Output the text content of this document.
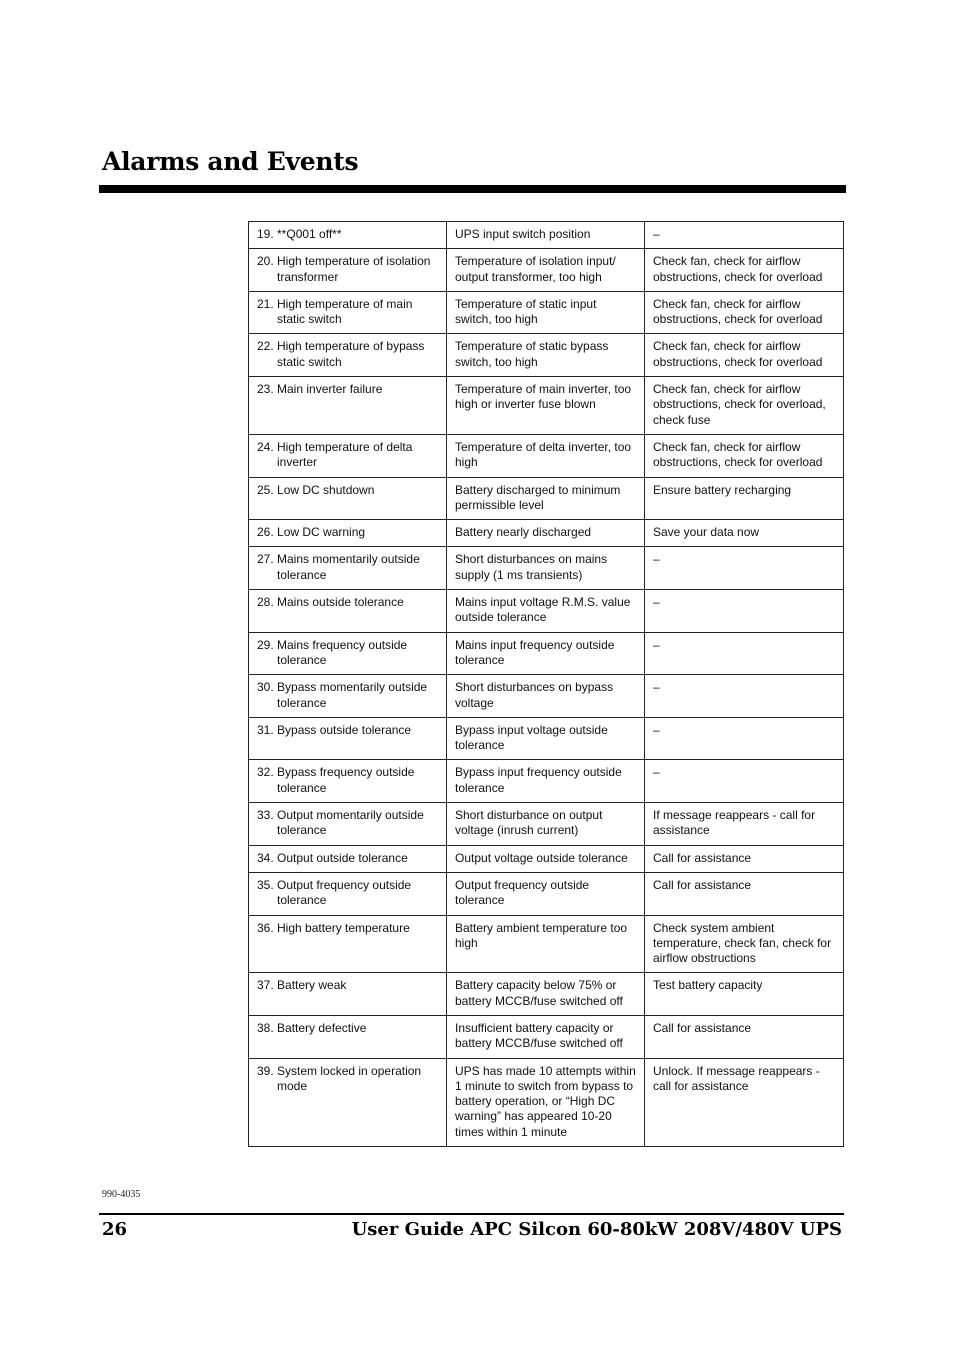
Alarms and Events
19. **Q001 off**	UPS input switch position	–

20. High temperature of isolation transformer	Temperature of isolation input/ output transformer, too high	Check fan, check for airflow obstructions, check for overload

21. High temperature of main static switch	Temperature of static input switch, too high	Check fan, check for airflow obstructions, check for overload

22. High temperature of bypass static switch	Temperature of static bypass switch, too high	Check fan, check for airflow obstructions, check for overload

23. Main inverter failure	Temperature of main inverter, too high or inverter fuse blown	Check fan, check for airflow obstructions, check for overload, check fuse

24. High temperature of delta inverter	Temperature of delta inverter, too high	Check fan, check for airflow obstructions, check for overload

25. Low DC shutdown	Battery discharged to minimum permissible level	Ensure battery recharging

26. Low DC warning	Battery nearly discharged	Save your data now

27. Mains momentarily outside tolerance	Short disturbances on mains supply (1 ms transients)	–

28. Mains outside tolerance	Mains input voltage R.M.S. value outside tolerance	–

29. Mains frequency outside tolerance	Mains input frequency outside tolerance	–

30. Bypass momentarily outside tolerance	Short disturbances on bypass voltage	–

31. Bypass outside tolerance	Bypass input voltage outside tolerance	–

32. Bypass frequency outside tolerance	Bypass input frequency outside tolerance	–

33. Output momentarily outside tolerance	Short disturbance on output voltage (inrush current)	If message reappears - call for assistance

34. Output outside tolerance	Output voltage outside tolerance	Call for assistance

35. Output frequency outside tolerance	Output frequency outside tolerance	Call for assistance

36. High battery temperature	Battery ambient temperature too high	Check system ambient temperature, check fan, check for airflow obstructions

37. Battery weak	Battery capacity below 75% or battery MCCB/fuse switched off	Test battery capacity

38. Battery defective	Insufficient battery capacity or battery MCCB/fuse switched off	Call for assistance

39. System locked in operation mode	UPS has made 10 attempts within 1 minute to switch from bypass to battery operation, or “High DC warning” has appeared 10-20 times within 1 minute	Unlock. If message reappears - call for assistance
990-4035
26	User Guide APC Silcon 60-80kW 208V/480V UPS
